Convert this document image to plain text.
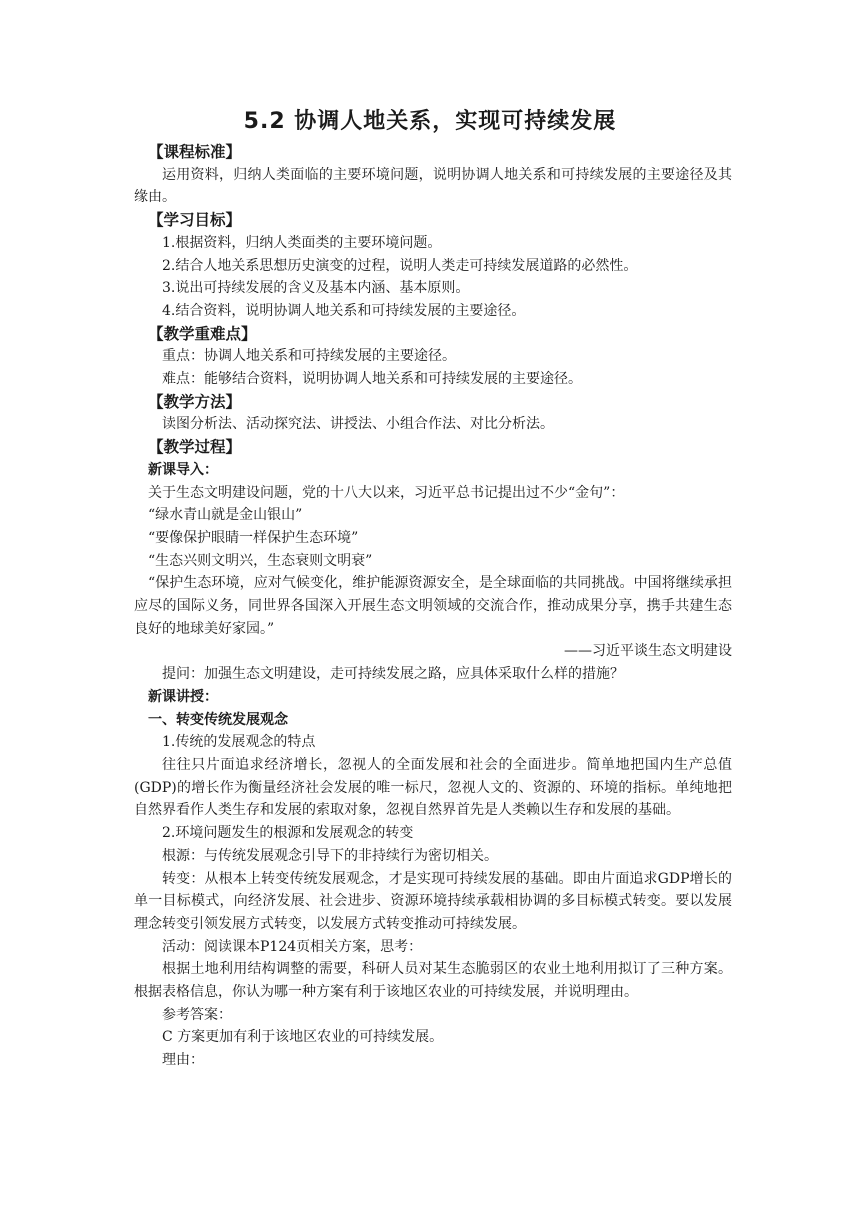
5.2 协调人地关系，实现可持续发展

【课程标准】

运用资料，归纳人类面临的主要环境问题，说明协调人地关系和可持续发展的主要途径及其缘由。

【学习目标】

1.根据资料，归纳人类面类的主要环境问题。

2.结合人地关系思想历史演变的过程，说明人类走可持续发展道路的必然性。

3.说出可持续发展的含义及基本内涵、基本原则。

4.结合资料，说明协调人地关系和可持续发展的主要途径。

【教学重难点】

重点：协调人地关系和可持续发展的主要途径。

难点：能够结合资料，说明协调人地关系和可持续发展的主要途径。

【教学方法】

读图分析法、活动探究法、讲授法、小组合作法、对比分析法。

【教学过程】

新课导入：

关于生态文明建设问题，党的十八大以来，习近平总书记提出过不少“金句”：

“绿水青山就是金山银山”

“要像保护眼睛一样保护生态环境”

“生态兴则文明兴，生态衰则文明衰”

“保护生态环境，应对气候变化，维护能源资源安全，是全球面临的共同挑战。中国将继续承担应尽的国际义务，同世界各国深入开展生态文明领域的交流合作，推动成果分享，携手共建生态良好的地球美好家园。”

——习近平谈生态文明建设

提问：加强生态文明建设，走可持续发展之路，应具体采取什么样的措施？

新课讲授：

一、转变传统发展观念

1.传统的发展观念的特点

往往只片面追求经济增长，忽视人的全面发展和社会的全面进步。简单地把国内生产总值(GDP)的增长作为衡量经济社会发展的唯一标尺，忽视人文的、资源的、环境的指标。单纯地把自然界看作人类生存和发展的索取对象，忽视自然界首先是人类赖以生存和发展的基础。

2.环境问题发生的根源和发展观念的转变

根源：与传统发展观念引导下的非持续行为密切相关。

转变：从根本上转变传统发展观念，才是实现可持续发展的基础。即由片面追求GDP增长的单一目标模式，向经济发展、社会进步、资源环境持续承载相协调的多目标模式转变。要以发展理念转变引领发展方式转变，以发展方式转变推动可持续发展。

活动：阅读课本P124页相关方案，思考：

根据土地利用结构调整的需要，科研人员对某生态脆弱区的农业土地利用拟订了三种方案。根据表格信息，你认为哪一种方案有利于该地区农业的可持续发展，并说明理由。

参考答案：

C 方案更加有利于该地区农业的可持续发展。

理由：
